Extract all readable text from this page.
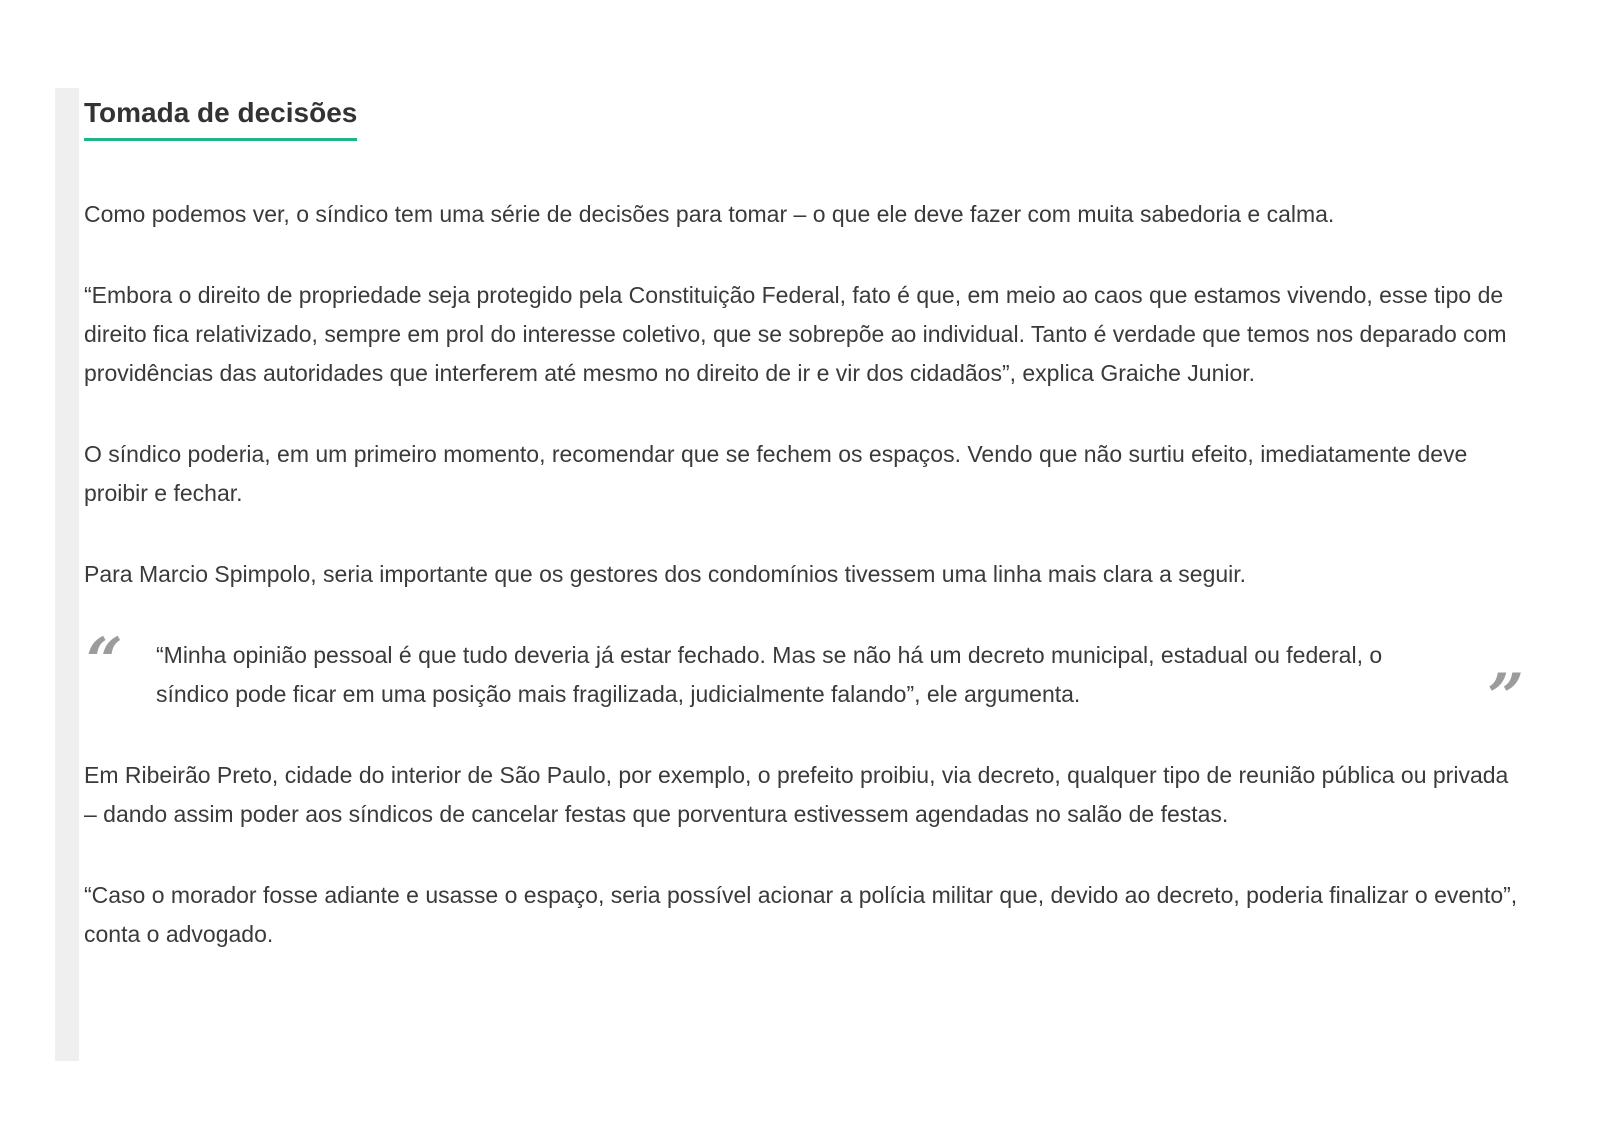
Tomada de decisões

Como podemos ver, o síndico tem uma série de decisões para tomar – o que ele deve fazer com muita sabedoria e calma.

“Embora o direito de propriedade seja protegido pela Constituição Federal, fato é que, em meio ao caos que estamos vivendo, esse tipo de direito fica relativizado, sempre em prol do interesse coletivo, que se sobrepõe ao individual. Tanto é verdade que temos nos deparado com providências das autoridades que interferem até mesmo no direito de ir e vir dos cidadãos”, explica Graiche Junior.

O síndico poderia, em um primeiro momento, recomendar que se fechem os espaços. Vendo que não surtiu efeito, imediatamente deve proibir e fechar.

Para Marcio Spimpolo, seria importante que os gestores dos condomínios tivessem uma linha mais clara a seguir.

“ “Minha opinião pessoal é que tudo deveria já estar fechado. Mas se não há um decreto municipal, estadual ou federal, o síndico pode ficar em uma posição mais fragilizada, judicialmente falando”, ele argumenta.	”

Em Ribeirão Preto, cidade do interior de São Paulo, por exemplo, o prefeito proibiu, via decreto, qualquer tipo de reunião pública ou privada – dando assim poder aos síndicos de cancelar festas que porventura estivessem agendadas no salão de festas.

“Caso o morador fosse adiante e usasse o espaço, seria possível acionar a polícia militar que, devido ao decreto, poderia finalizar o evento”, conta o advogado.
